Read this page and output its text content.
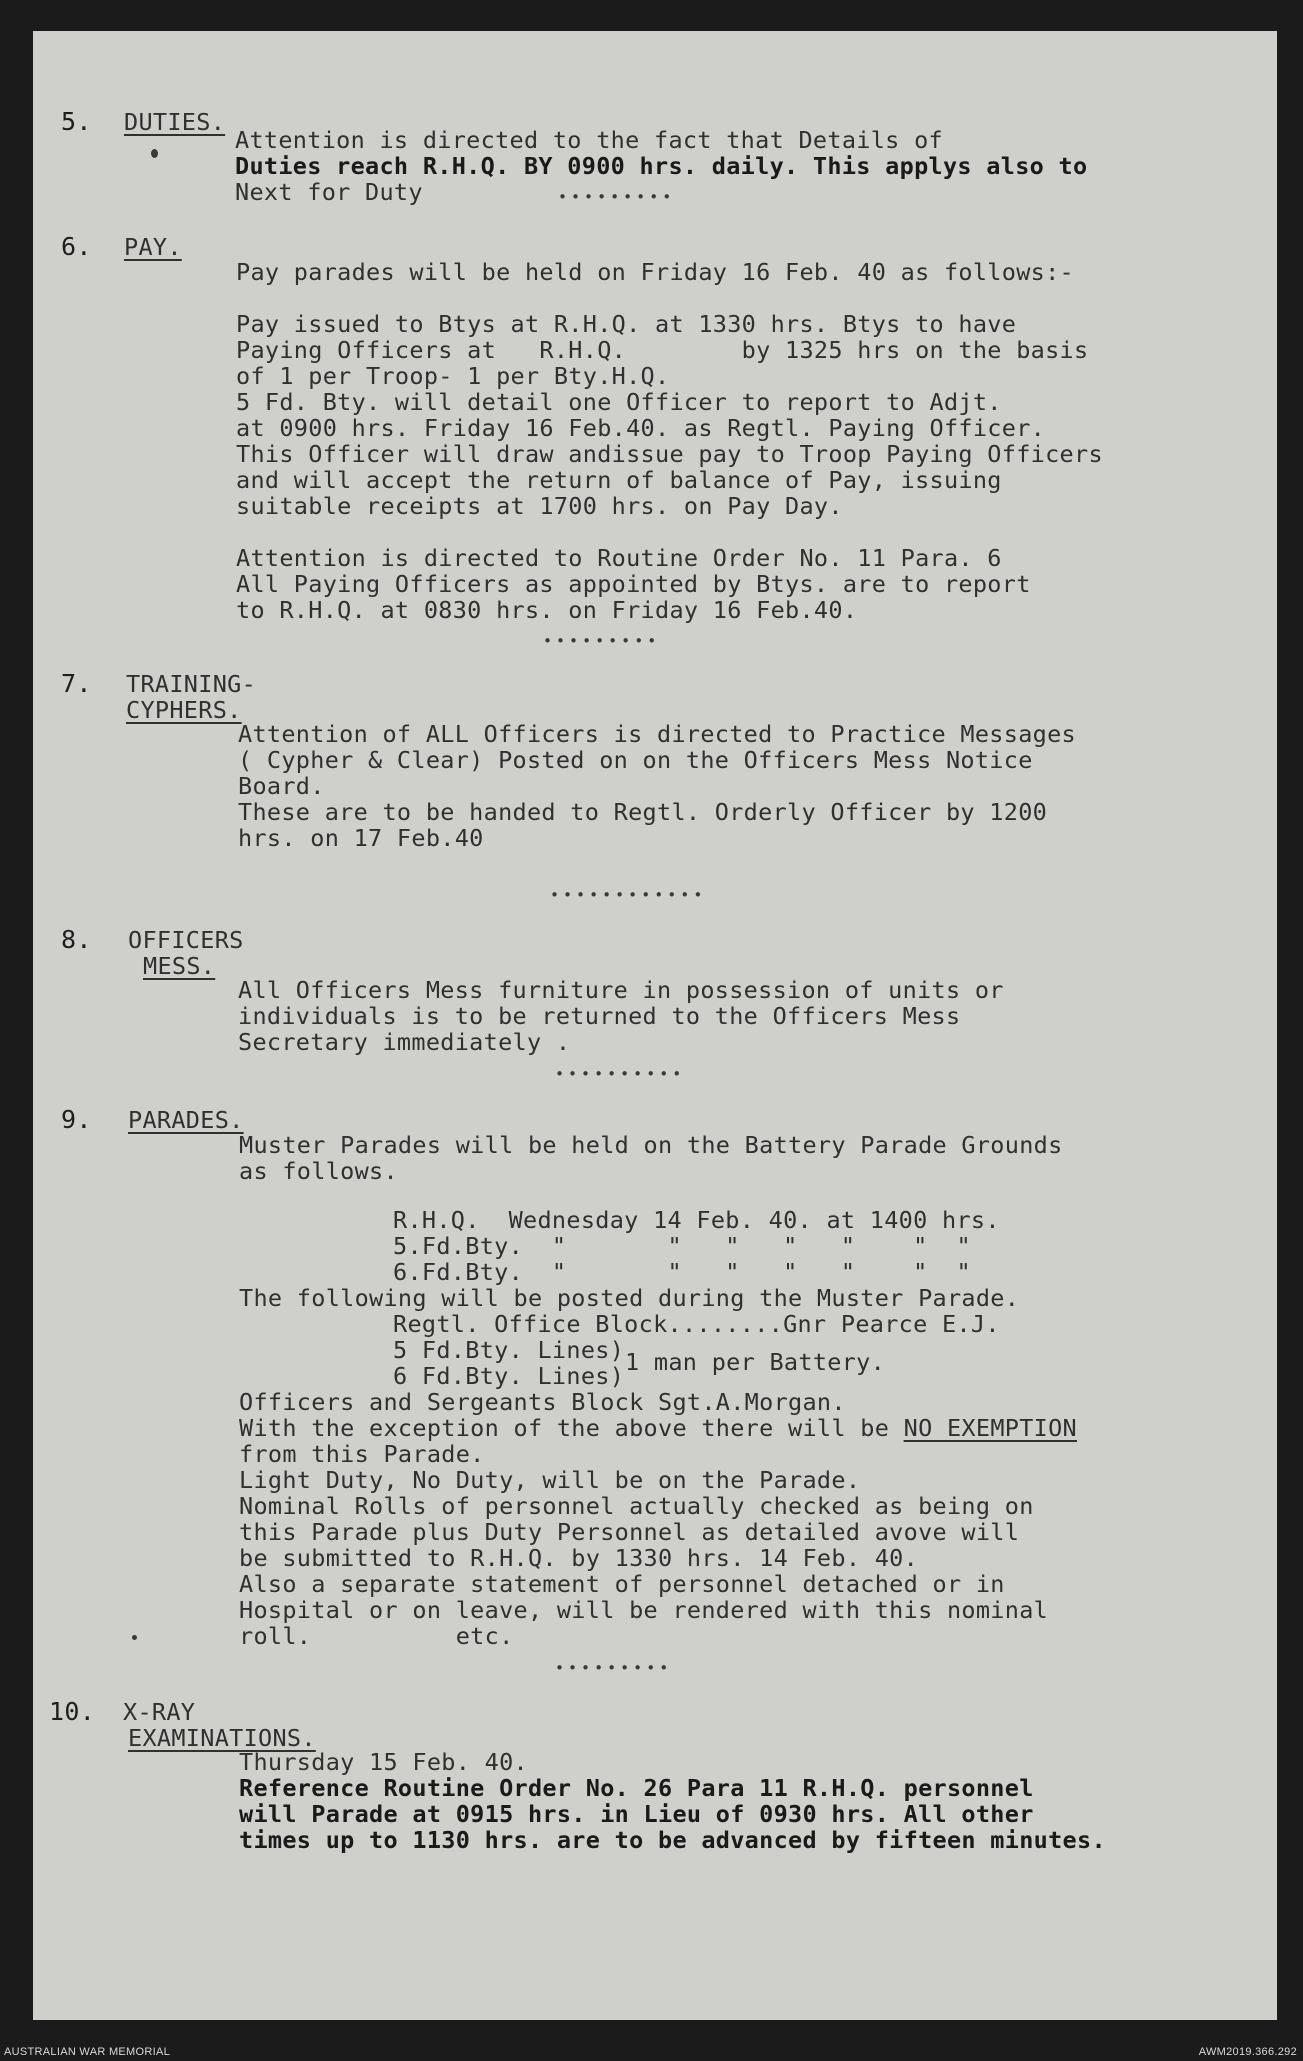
5. DUTIES.
Attention is directed to the fact that Details of
Duties reach R.H.Q. BY 0900 hrs. daily. This applys also to
Next for Duty	•••••••••
6. PAY.
Pay parades will be held on Friday 16 Feb. 40 as follows:-
Pay issued to Btys at R.H.Q. at 1330 hrs. Btys to have
Paying Officers at   R.H.Q.        by 1325 hrs on the basis
of 1 per Troop- 1 per Bty.H.Q.
5 Fd. Bty. will detail one Officer to report to Adjt.
at 0900 hrs. Friday 16 Feb.40. as Regtl. Paying Officer.
This Officer will draw andissue pay to Troop Paying Officers
and will accept the return of balance of Pay, issuing
suitable receipts at 1700 hrs. on Pay Day.
Attention is directed to Routine Order No. 11 Para. 6
All Paying Officers as appointed by Btys. are to report
to R.H.Q. at 0830 hrs. on Friday 16 Feb.40.
•••••••••
7. TRAINING-
CYPHERS.
Attention of ALL Officers is directed to Practice Messages
( Cypher & Clear) Posted on on the Officers Mess Notice
Board.
These are to be handed to Regtl. Orderly Officer by 1200
hrs. on 17 Feb.40
••••••••••••
8. OFFICERS
MESS.
All Officers Mess furniture in possession of units or
individuals is to be returned to the Officers Mess
Secretary immediately .
••••••••••
9. PARADES.
Muster Parades will be held on the Battery Parade Grounds
as follows.
R.H.Q.  Wednesday 14 Feb. 40. at 1400 hrs.
5.Fd.Bty.  "       "   "   "   "    "  "
6.Fd.Bty.  "       "   "   "   "    "  "
The following will be posted during the Muster Parade.
Regtl. Office Block........Gnr Pearce E.J.
5 Fd.Bty. Lines)
6 Fd.Bty. Lines) 1 man per Battery.
Officers and Sergeants Block Sgt.A.Morgan.
With the exception of the above there will be NO EXEMPTION
from this Parade.
Light Duty, No Duty, will be on the Parade.
Nominal Rolls of personnel actually checked as being on
this Parade plus Duty Personnel as detailed avove will
be submitted to R.H.Q. by 1330 hrs. 14 Feb. 40.
Also a separate statement of personnel detached or in
Hospital or on leave, will be rendered with this nominal
roll.          etc.
•••••••••
10. X-RAY
EXAMINATIONS.
Thursday 15 Feb. 40.
Reference Routine Order No. 26 Para 11 R.H.Q. personnel
will Parade at 0915 hrs. in Lieu of 0930 hrs. All other
times up to 1130 hrs. are to be advanced by fifteen minutes.
AUSTRALIAN WAR MEMORIAL	AWM2019.366.292
